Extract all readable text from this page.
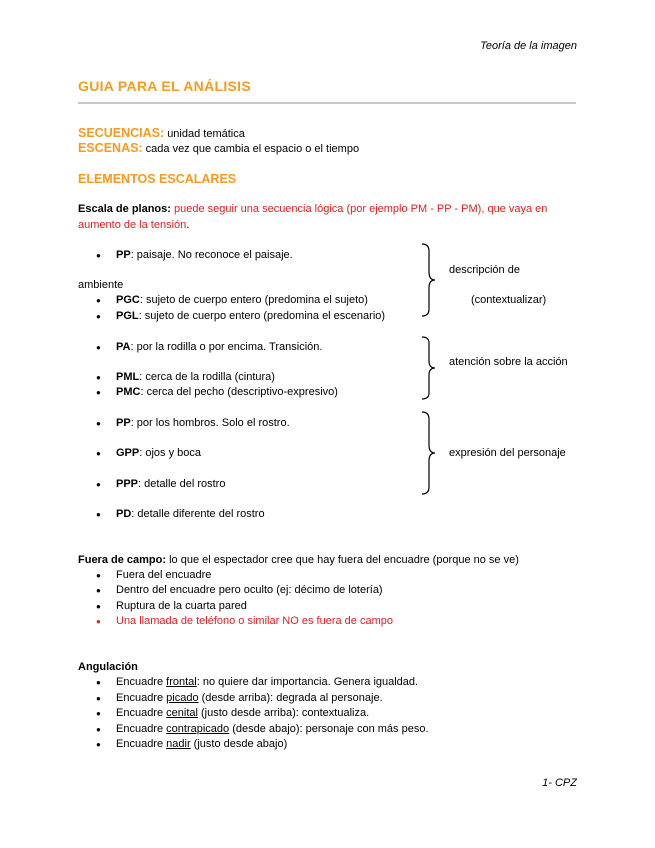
Teoría de la imagen
GUIA PARA EL ANÁLISIS
SECUENCIAS: unidad temática
ESCENAS: cada vez que cambia el espacio o el tiempo
ELEMENTOS ESCALARES
Escala de planos: puede seguir una secuencia lógica (por ejemplo PM - PP - PM), que vaya en
aumento de la tensión.
● PP: paisaje. No reconoce el paisaje.
ambiente
● PGC: sujeto de cuerpo entero (predomina el sujeto)
● PGL: sujeto de cuerpo entero (predomina el escenario)
descripción de
(contextualizar)
● PA: por la rodilla o por encima. Transición.
● PML: cerca de la rodilla (cintura)
● PMC: cerca del pecho (descriptivo-expresivo)
atención sobre la acción
● PP: por los hombros. Solo el rostro.
● GPP: ojos y boca
● PPP: detalle del rostro
expresión del personaje
● PD: detalle diferente del rostro
Fuera de campo: lo que el espectador cree que hay fuera del encuadre (porque no se ve)
● Fuera del encuadre
● Dentro del encuadre pero oculto (ej: décimo de lotería)
● Ruptura de la cuarta pared
● Una llamada de teléfono o similar NO es fuera de campo
Angulación
● Encuadre frontal: no quiere dar importancia. Genera igualdad.
● Encuadre picado (desde arriba): degrada al personaje.
● Encuadre cenital (justo desde arriba): contextualiza.
● Encuadre contrapicado (desde abajo): personaje con más peso.
● Encuadre nadir (justo desde abajo)
1- CPZ
